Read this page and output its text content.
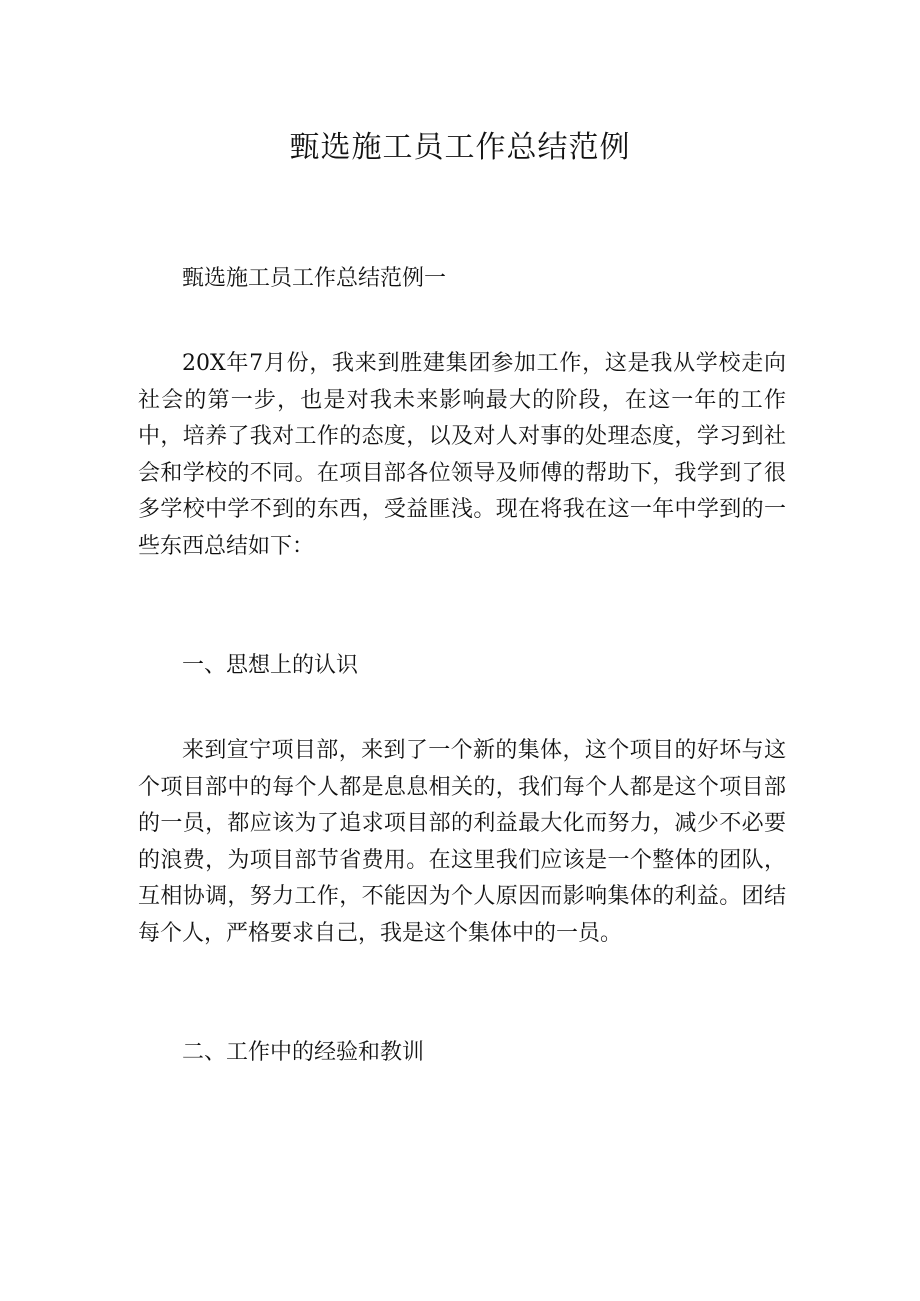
甄选施工员工作总结范例

甄选施工员工作总结范例一

20X年7月份，我来到胜建集团参加工作，这是我从学校走向社会的第一步，也是对我未来影响最大的阶段，在这一年的工作中，培养了我对工作的态度，以及对人对事的处理态度，学习到社会和学校的不同。在项目部各位领导及师傅的帮助下，我学到了很多学校中学不到的东西，受益匪浅。现在将我在这一年中学到的一些东西总结如下：

一、思想上的认识

来到宣宁项目部，来到了一个新的集体，这个项目的好坏与这个项目部中的每个人都是息息相关的，我们每个人都是这个项目部的一员，都应该为了追求项目部的利益最大化而努力，减少不必要的浪费，为项目部节省费用。在这里我们应该是一个整体的团队，互相协调，努力工作，不能因为个人原因而影响集体的利益。团结每个人，严格要求自己，我是这个集体中的一员。

二、工作中的经验和教训
